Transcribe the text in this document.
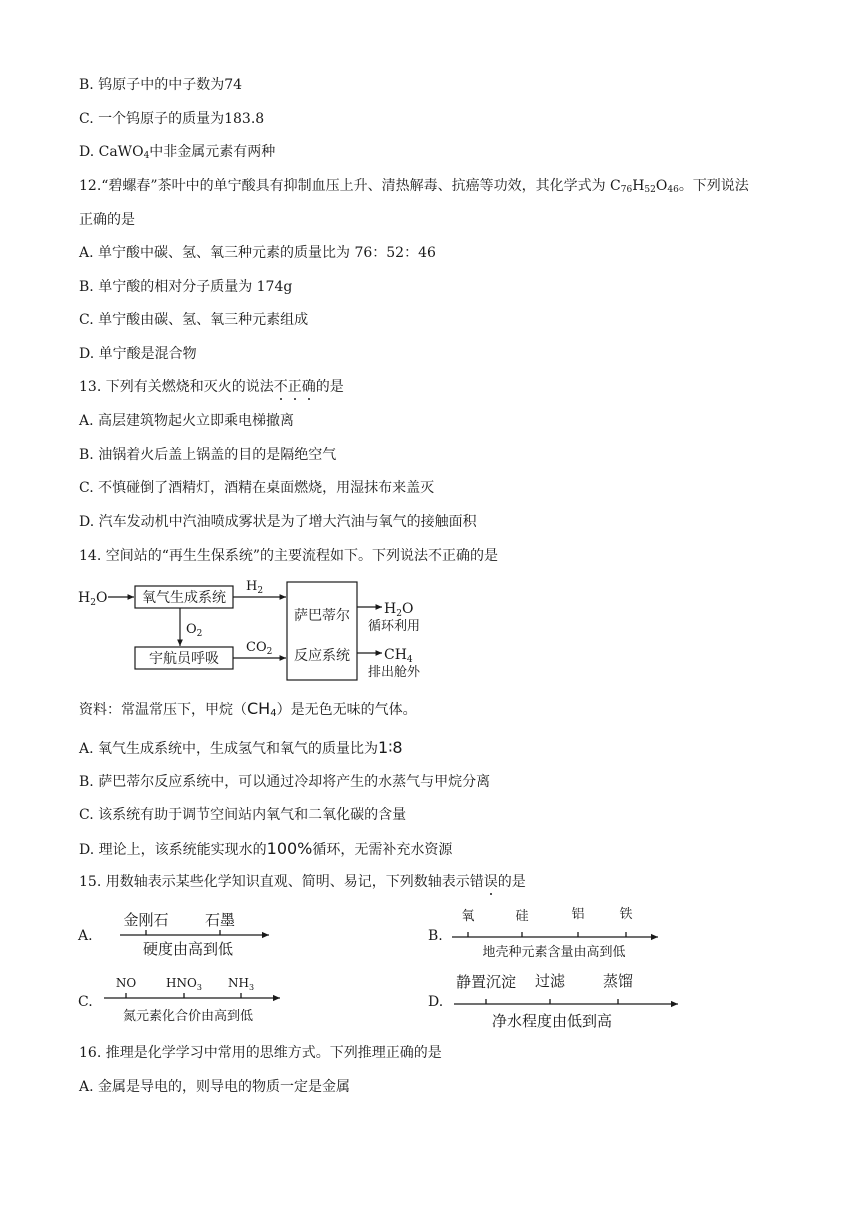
B. 钨原子中的中子数为74
C. 一个钨原子的质量为183.8
D. CaWO$_4$中非金属元素有两种
12.“碧螺春”茶叶中的单宁酸具有抑制血压上升、清热解毒、抗癌等功效，其化学式为 $C_{76}H_{52}O_{46}$。下列说法
正确的是
A. 单宁酸中碳、氢、氧三种元素的质量比为 76：52：46
B. 单宁酸的相对分子质量为 174g
C. 单宁酸由碳、氢、氧三种元素组成
D. 单宁酸是混合物
13. 下列有关燃烧和灭火的说法不正确的是
A. 高层建筑物起火立即乘电梯撤离
B. 油锅着火后盖上锅盖的目的是隔绝空气
C. 不慎碰倒了酒精灯，酒精在桌面燃烧，用湿抹布来盖灭
D. 汽车发动机中汽油喷成雾状是为了增大汽油与氧气的接触面积
14. 空间站的“再生生保系统”的主要流程如下。下列说法不正确的是
$H_2O$ 氧气生成系统
$H_2$
$O_2$
宇航员呼吸
$CO_2$
萨巴蒂尔
反应系统
$H_2O$
循环利用
$CH_4$
排出舱外
资料：常温常压下，甲烷$(CH_4)$是无色无味的气体。
A. 氧气生成系统中，生成氢气和氧气的质量比为1∶8
B. 萨巴蒂尔反应系统中，可以通过冷却将产生的水蒸气与甲烷分离
C. 该系统有助于调节空间站内氧气和二氧化碳的含量
D. 理论上，该系统能实现水的100%循环，无需补充水资源
15. 用数轴表示某些化学知识直观、简明、易记，下列数轴表示错误的是
A.
金刚石 石墨
硬度由高到低
B.
氧	硅	铝	铁
地壳种元素含量由高到低
C.
NO $HNO_3$ $NH_3$
氮元素化合价由高到低
D.
静置沉淀 过滤	蒸馏
净水程度由低到高
16. 推理是化学学习中常用的思维方式。下列推理正确的是
A. 金属是导电的，则导电的物质一定是金属
